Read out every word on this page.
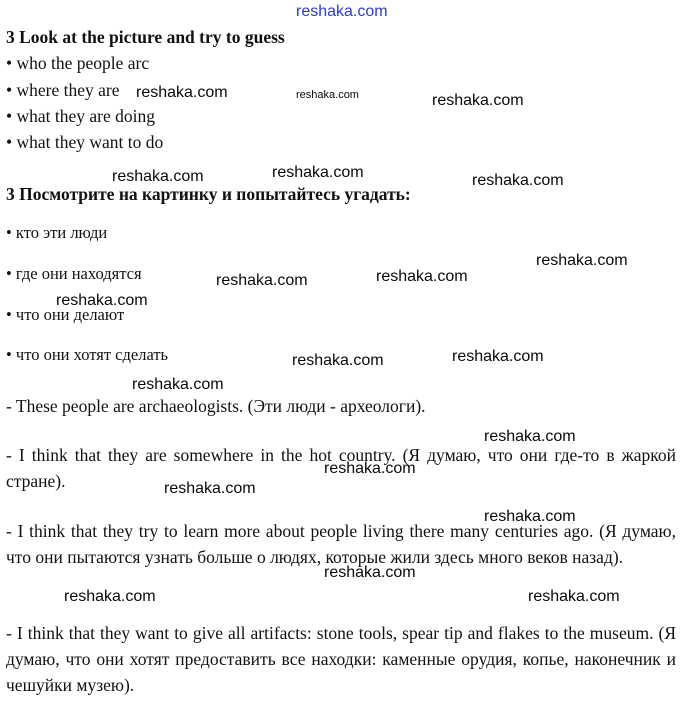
3 Look at the picture and try to guess
• who the people arc
• where they are
• what they are doing
• what they want to do
3 Посмотрите на картинку и попытайтесь угадать:
• кто эти люди
• где они находятся
• что они делают
• что они хотят сделать
- These people are archaeologists. (Эти люди - археологи).
- I think that they are somewhere in the hot country. (Я думаю, что они где-то в жаркой стране).
- I think that they try to learn more about people living there many centuries ago. (Я думаю, что они пытаются узнать больше о людях, которые жили здесь много веков назад).
- I think that they want to give all artifacts: stone tools, spear tip and flakes to the museum. (Я думаю, что они хотят предоставить все находки: каменные орудия, копье, наконечник и чешуйки музею).
reshaka.com
reshaka.com	reshaka.com	reshaka.com
reshaka.com	reshaka.com	reshaka.com
reshaka.com
reshaka.com	reshaka.com
reshaka.com
reshaka.com	reshaka.com
reshaka.com
reshaka.com
reshaka.com
reshaka.com
reshaka.com
reshaka.com
reshaka.com	reshaka.com
